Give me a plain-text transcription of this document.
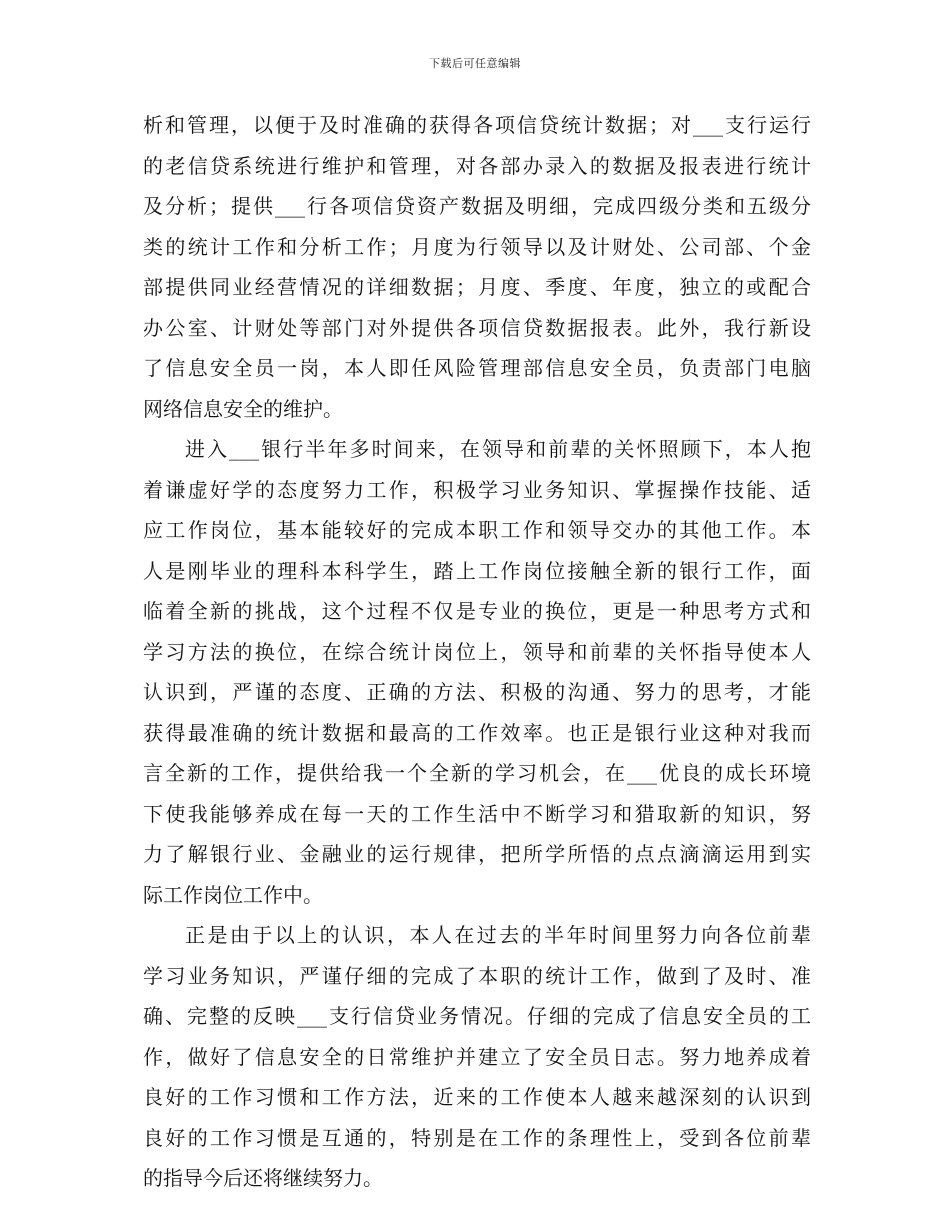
下载后可任意编辑
析和管理，以便于及时准确的获得各项信贷统计数据；对___支行运行
的老信贷系统进行维护和管理，对各部办录入的数据及报表进行统计
及分析；提供___行各项信贷资产数据及明细，完成四级分类和五级分
类的统计工作和分析工作；月度为行领导以及计财处、公司部、个金
部提供同业经营情况的详细数据；月度、季度、年度，独立的或配合
办公室、计财处等部门对外提供各项信贷数据报表。此外，我行新设
了信息安全员一岗，本人即任风险管理部信息安全员，负责部门电脑
网络信息安全的维护。
进入___银行半年多时间来，在领导和前辈的关怀照顾下，本人抱
着谦虚好学的态度努力工作，积极学习业务知识、掌握操作技能、适
应工作岗位，基本能较好的完成本职工作和领导交办的其他工作。本
人是刚毕业的理科本科学生，踏上工作岗位接触全新的银行工作，面
临着全新的挑战，这个过程不仅是专业的换位，更是一种思考方式和
学习方法的换位，在综合统计岗位上，领导和前辈的关怀指导使本人
认识到，严谨的态度、正确的方法、积极的沟通、努力的思考，才能
获得最准确的统计数据和最高的工作效率。也正是银行业这种对我而
言全新的工作，提供给我一个全新的学习机会，在___优良的成长环境
下使我能够养成在每一天的工作生活中不断学习和猎取新的知识，努
力了解银行业、金融业的运行规律，把所学所悟的点点滴滴运用到实
际工作岗位工作中。
正是由于以上的认识，本人在过去的半年时间里努力向各位前辈
学习业务知识，严谨仔细的完成了本职的统计工作，做到了及时、准
确、完整的反映___支行信贷业务情况。仔细的完成了信息安全员的工
作，做好了信息安全的日常维护并建立了安全员日志。努力地养成着
良好的工作习惯和工作方法，近来的工作使本人越来越深刻的认识到
良好的工作习惯是互通的，特别是在工作的条理性上，受到各位前辈
的指导今后还将继续努力。
